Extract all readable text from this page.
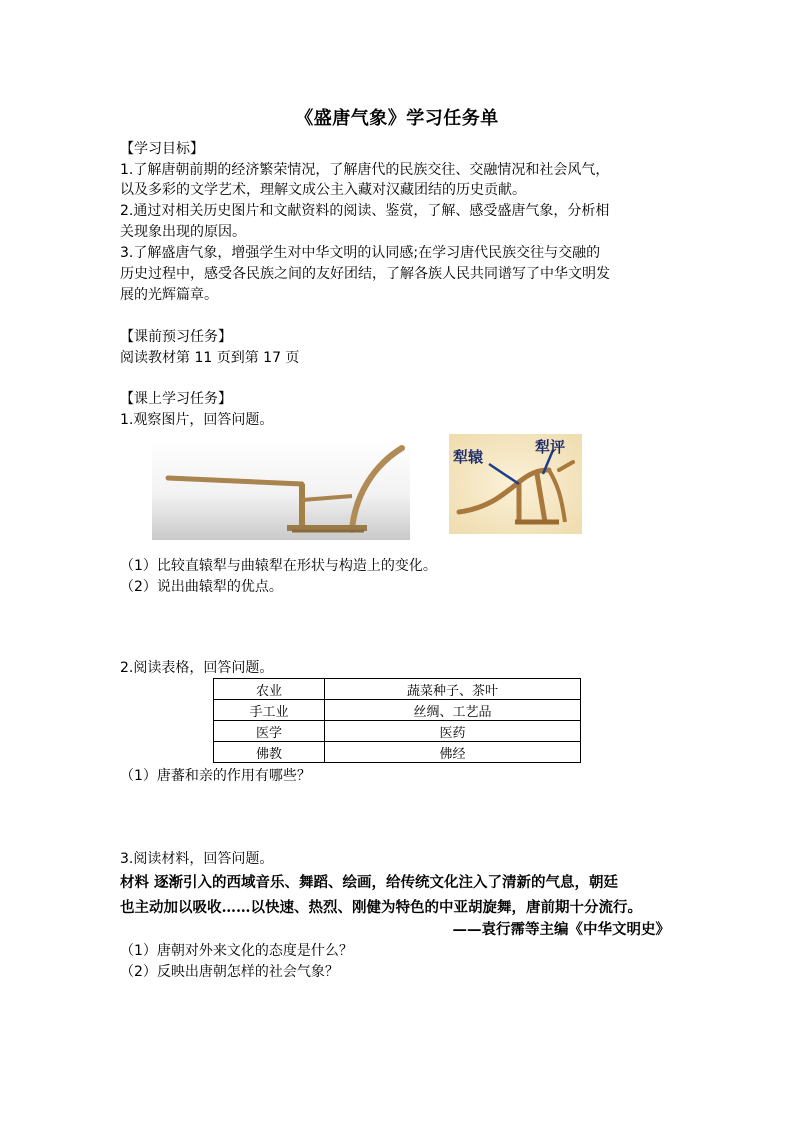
《盛唐气象》学习任务单
【学习目标】
1.了解唐朝前期的经济繁荣情况，了解唐代的民族交往、交融情况和社会风气，
以及多彩的文学艺术，理解文成公主入藏对汉藏团结的历史贡献。
2.通过对相关历史图片和文献资料的阅读、鉴赏，了解、感受盛唐气象，分析相
关现象出现的原因。
3.了解盛唐气象，增强学生对中华文明的认同感;在学习唐代民族交往与交融的
历史过程中，感受各民族之间的友好团结，了解各族人民共同谱写了中华文明发
展的光辉篇章。
【课前预习任务】
阅读教材第 11 页到第 17 页
【课上学习任务】
1.观察图片，回答问题。
犁辕
犁评
（1）比较直辕犁与曲辕犁在形状与构造上的变化。
（2）说出曲辕犁的优点。
2.阅读表格，回答问题。
农业	蔬菜种子、茶叶
手工业	丝绸、工艺品
医学	医药
佛教	佛经
（1）唐蕃和亲的作用有哪些？
3.阅读材料，回答问题。
材料 逐渐引入的西域音乐、舞蹈、绘画，给传统文化注入了清新的气息，朝廷
也主动加以吸收……以快速、热烈、刚健为特色的中亚胡旋舞，唐前期十分流行。
——袁行霈等主编《中华文明史》
（1）唐朝对外来文化的态度是什么？
（2）反映出唐朝怎样的社会气象？
